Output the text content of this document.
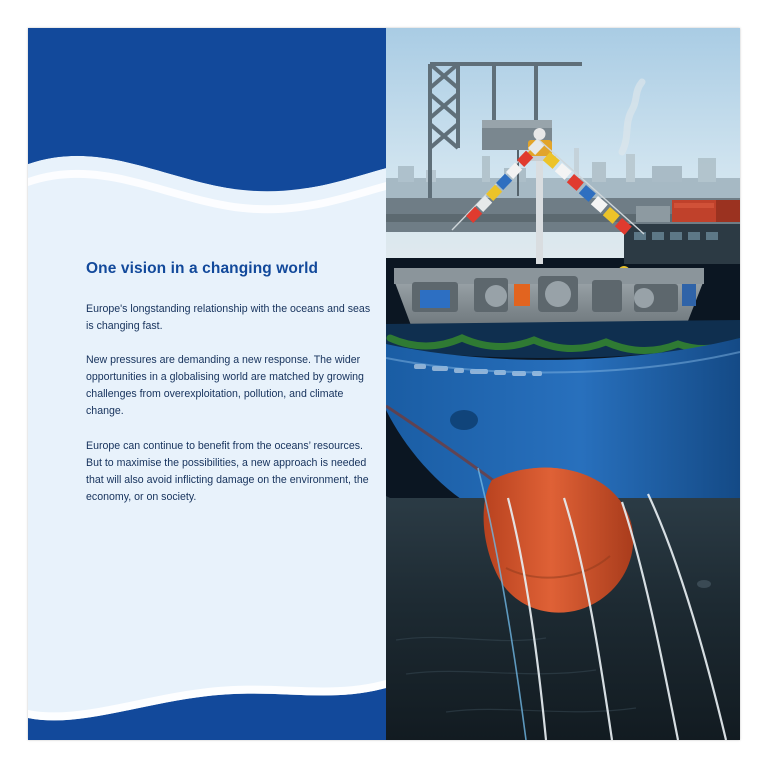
One vision in a changing world

Europe's longstanding relationship with the oceans and seas is changing fast.

New pressures are demanding a new response. The wider opportunities in a globalising world are matched by growing challenges from overexploitation, pollution, and climate change.

Europe can continue to benefit from the oceans’ resources. But to maximise the possibilities, a new approach is needed that will also avoid inflicting damage on the environment, the economy, or on society.
